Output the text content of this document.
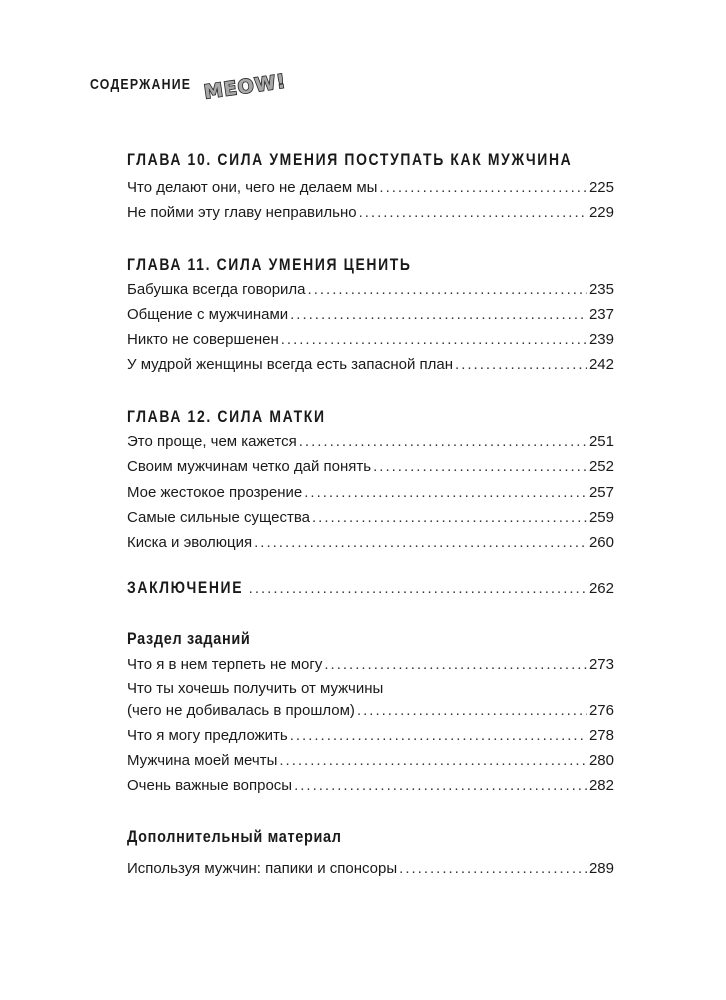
СОДЕРЖАНИЕ MEOW!
ГЛАВА 10. СИЛА УМЕНИЯ ПОСТУПАТЬ КАК МУЖЧИНА
Что делают они, чего не делаем мы .....	225
Не пойми эту главу неправильно .....	229
ГЛАВА 11. СИЛА УМЕНИЯ ЦЕНИТЬ
Бабушка всегда говорила .....	235
Общение с мужчинами .....	237
Никто не совершенен .....	239
У мудрой женщины всегда есть запасной план .....	242
ГЛАВА 12. СИЛА МАТКИ
Это проще, чем кажется .....	251
Своим мужчинам четко дай понять .....	252
Мое жестокое прозрение .....	257
Самые сильные существа .....	259
Киска и эволюция .....	260
ЗАКЛЮЧЕНИЕ .....	262
Раздел заданий
Что я в нем терпеть не могу .....	273
Что ты хочешь получить от мужчины
(чего не добивалась в прошлом) .....	276
Что я могу предложить .....	278
Мужчина моей мечты .....	280
Очень важные вопросы .....	282
Дополнительный материал
Используя мужчин: папики и спонсоры .....	289
